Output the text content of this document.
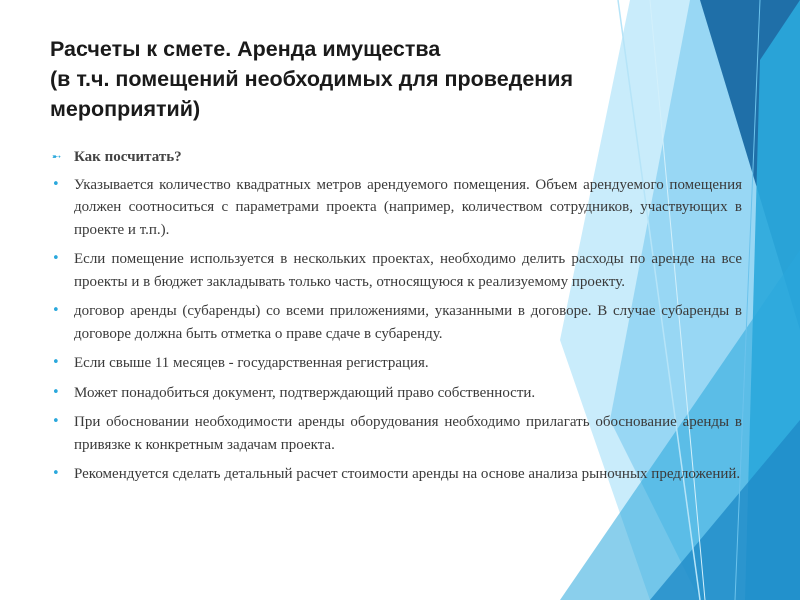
Расчеты к смете. Аренда имущества
(в т.ч. помещений необходимых для проведения
мероприятий)
➸ Как посчитать?
• Указывается количество квадратных метров арендуемого помещения. Объем арендуемого помещения должен соотноситься с параметрами проекта (например, количеством сотрудников, участвующих в проекте и т.п.).
• Если помещение используется в нескольких проектах, необходимо делить расходы по аренде на все проекты и в бюджет закладывать только часть, относящуюся к реализуемому проекту.
• договор аренды (субаренды) со всеми приложениями, указанными в договоре. В случае субаренды в договоре должна быть отметка о праве сдаче в субаренду.
• Если свыше 11 месяцев - государственная регистрация.
• Может понадобиться документ, подтверждающий право собственности.
• При обосновании необходимости аренды оборудования необходимо прилагать обоснование аренды в привязке к конкретным задачам проекта.
• Рекомендуется сделать детальный расчет стоимости аренды на основе анализа рыночных предложений.
